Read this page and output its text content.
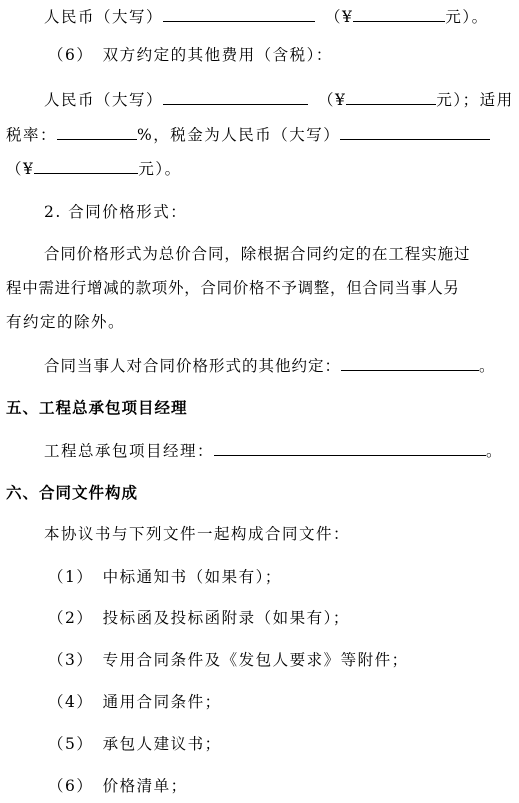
人民币（大写）	（¥	元）。
（6）　双方约定的其他费用（含税）：
人民币（大写）	（¥	元）；适用
税率：	%，税金为人民币（大写）
（¥	元）。
2. 合同价格形式：
合同价格形式为总价合同，除根据合同约定的在工程实施过
程中需进行增减的款项外，合同价格不予调整，但合同当事人另
有约定的除外。
合同当事人对合同价格形式的其他约定：	。
五、工程总承包项目经理
工程总承包项目经理：	。
六、合同文件构成
本协议书与下列文件一起构成合同文件：
（1）　中标通知书（如果有）；
（2）　投标函及投标函附录（如果有）；
（3）　专用合同条件及《发包人要求》等附件；
（4）　通用合同条件；
（5）　承包人建议书；
（6）　价格清单；
